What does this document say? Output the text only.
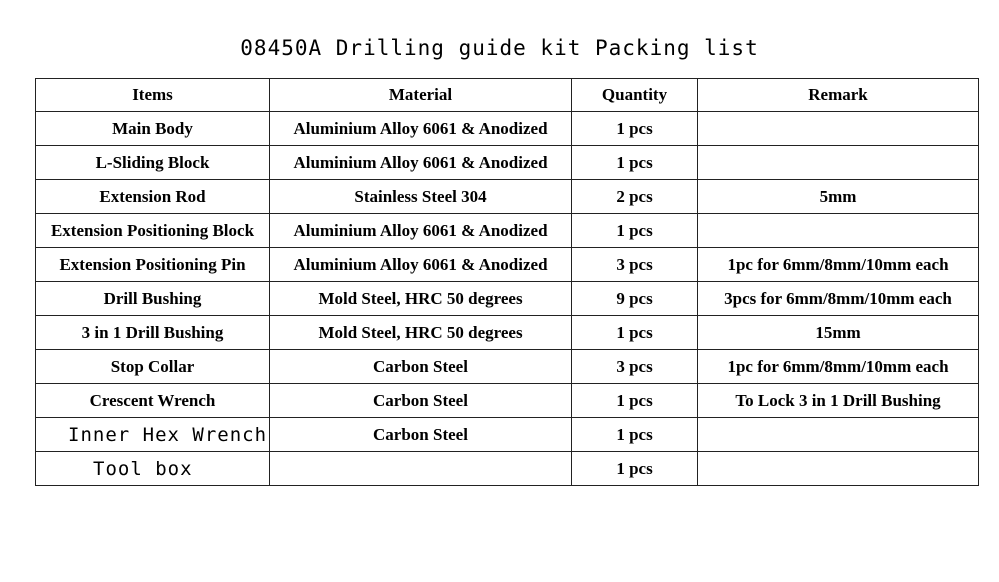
08450A Drilling guide kit Packing list
Items	Material	Quantity	Remark
Main Body	Aluminium Alloy 6061 & Anodized	1 pcs	
L-Sliding Block	Aluminium Alloy 6061 & Anodized	1 pcs	
Extension Rod	Stainless Steel 304	2 pcs	5mm
Extension Positioning Block	Aluminium Alloy 6061 & Anodized	1 pcs	
Extension Positioning Pin	Aluminium Alloy 6061 & Anodized	3 pcs	1pc for 6mm/8mm/10mm each
Drill Bushing	Mold Steel, HRC 50 degrees	9 pcs	3pcs for 6mm/8mm/10mm each
3 in 1 Drill Bushing	Mold Steel, HRC 50 degrees	1 pcs	15mm
Stop Collar	Carbon Steel	3 pcs	1pc for 6mm/8mm/10mm each
Crescent Wrench	Carbon Steel	1 pcs	To Lock 3 in 1 Drill Bushing
Inner Hex Wrench	Carbon Steel	1 pcs	
Tool box		1 pcs	
